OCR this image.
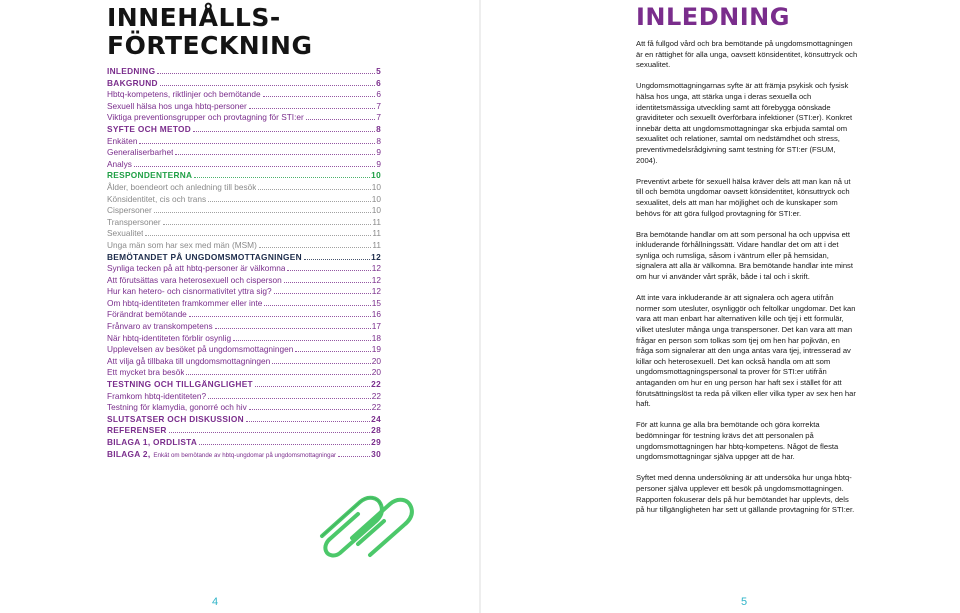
INNEHÅLLS-
FÖRTECKNING
INLEDNING	5
BAKGRUND	6
Hbtq-kompetens, riktlinjer och bemötande	6
Sexuell hälsa hos unga hbtq-personer	7
Viktiga preventionsgrupper och provtagning för STI:er	7
SYFTE OCH METOD	8
Enkäten	8
Generaliserbarhet	9
Analys	9
RESPONDENTERNA	10
Ålder, boendeort och anledning till besök	10
Könsidentitet, cis och trans	10
Cispersoner	10
Transpersoner	11
Sexualitet	11
Unga män som har sex med män (MSM)	11
BEMÖTANDET PÅ UNGDOMSMOTTAGNINGEN	12
Synliga tecken på att hbtq-personer är välkomna	12
Att förutsättas vara heterosexuell och cisperson	12
Hur kan hetero- och cisnormativitet yttra sig?	12
Om hbtq-identiteten framkommer eller inte	15
Förändrat bemötande	16
Frånvaro av transkompetens	17
När hbtq-identiteten förblir osynlig	18
Upplevelsen av besöket på ungdomsmottagningen	19
Att vilja gå tillbaka till ungdomsmottagningen	20
Ett mycket bra besök	20
TESTNING OCH TILLGÄNGLIGHET	22
Framkom hbtq-identiteten?	22
Testning för klamydia, gonorré och hiv	22
SLUTSATSER OCH DISKUSSION	24
REFERENSER	28
BILAGA 1, ORDLISTA	29
BILAGA 2, Enkät om bemötande av hbtq-ungdomar på ungdomsmottagningar	30
4
INLEDNING

Att få fullgod vård och bra bemötande på ungdomsmottagningen är en rättighet för alla unga, oavsett könsidentitet, könsuttryck och sexualitet.

Ungdomsmottagningarnas syfte är att främja psykisk och fysisk hälsa hos unga, att stärka unga i deras sexuella och identitetsmässiga utveckling samt att förebygga oönskade graviditeter och sexuellt överförbara infektioner (STI:er). Konkret innebär detta att ungdomsmottagningar ska erbjuda samtal om sexualitet och relationer, samtal om nedstämdhet och stress, preventivmedelsrådgivning samt testning för STI:er (FSUM, 2004).

Preventivt arbete för sexuell hälsa kräver dels att man kan nå ut till och bemöta ungdomar oavsett könsidentitet, könsuttryck och sexualitet, dels att man har möjlighet och de kunskaper som behövs för att göra fullgod provtagning för STI:er.

Bra bemötande handlar om att som personal ha och uppvisa ett inkluderande förhållningssätt. Vidare handlar det om att i det synliga och rumsliga, såsom i väntrum eller på hemsidan, signalera att alla är välkomna. Bra bemötande handlar inte minst om hur vi använder vårt språk, både i tal och i skrift.

Att inte vara inkluderande är att signalera och agera utifrån normer som utesluter, osynliggör och feltolkar ungdomar. Det kan vara att man enbart har alternativen kille och tjej i ett formulär, vilket utesluter många unga transpersoner. Det kan vara att man frågar en person som tolkas som tjej om hen har pojkvän, en fråga som signalerar att den unga antas vara tjej, intresserad av killar och heterosexuell. Det kan också handla om att som ungdomsmottagningspersonal ta prover för STI:er utifrån antaganden om hur en ung person har haft sex i stället för att förutsättningslöst ta reda på vilken eller vilka typer av sex hen har haft.

För att kunna ge alla bra bemötande och göra korrekta bedömningar för testning krävs det att personalen på ungdomsmottagningen har hbtq-kompetens. Något de flesta ungdomsmottagningar själva uppger att de har.

Syftet med denna undersökning är att undersöka hur unga hbtq-personer själva upplever ett besök på ungdomsmottagningen. Rapporten fokuserar dels på hur bemötandet har upplevts, dels på hur tillgängligheten har sett ut gällande provtagning för STI:er.

5
